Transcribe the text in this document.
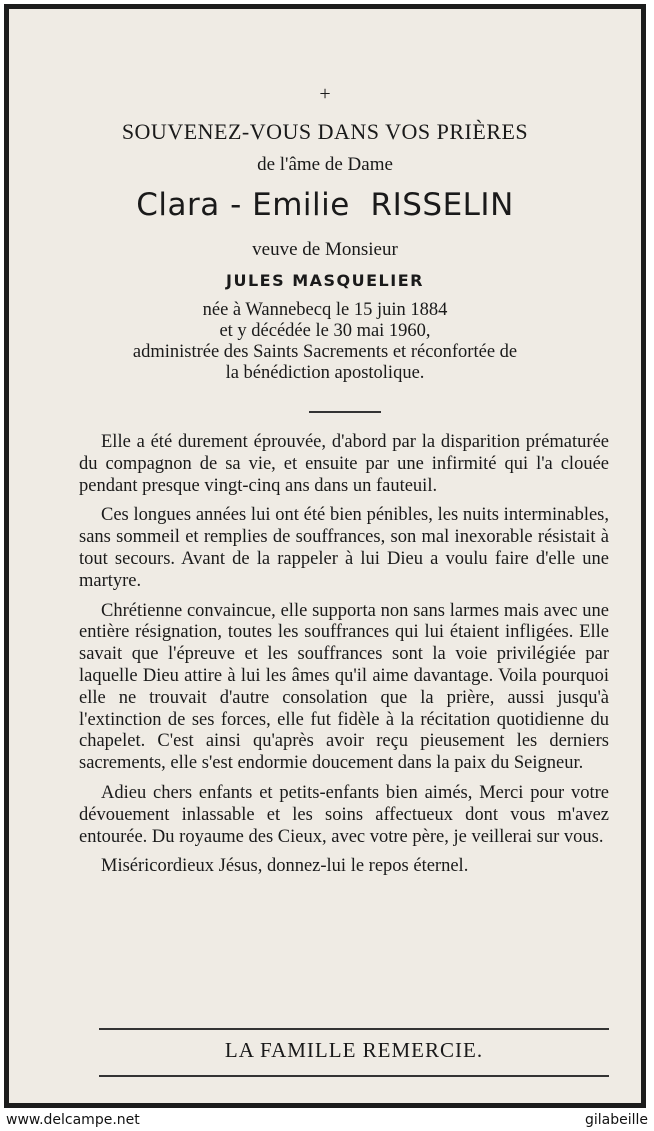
+
SOUVENEZ-VOUS DANS VOS PRIÈRES
de l'âme de Dame
Clara - Emilie  RISSELIN
veuve de Monsieur
JULES MASQUELIER
née à Wannebecq le 15 juin 1884
et y décédée le 30 mai 1960,
administrée des Saints Sacrements et réconfortée de
la bénédiction apostolique.

Elle a été durement éprouvée, d'abord par la disparition prématurée du compagnon de sa vie, et ensuite par une infirmité qui l'a clouée pendant presque vingt-cinq ans dans un fauteuil.

Ces longues années lui ont été bien pénibles, les nuits interminables, sans sommeil et remplies de souffrances, son mal inexorable résistait à tout secours. Avant de la rappeler à lui Dieu a voulu faire d'elle une martyre.

Chrétienne convaincue, elle supporta non sans larmes mais avec une entière résignation, toutes les souffrances qui lui étaient infligées. Elle savait que l'épreuve et les souffrances sont la voie privilégiée par laquelle Dieu attire à lui les âmes qu'il aime davantage. Voila pourquoi elle ne trouvait d'autre consolation que la prière, aussi jusqu'à l'extinction de ses forces, elle fut fidèle à la récitation quotidienne du chapelet. C'est ainsi qu'après avoir reçu pieusement les derniers sacrements, elle s'est endormie doucement dans la paix du Seigneur.

Adieu chers enfants et petits-enfants bien aimés, Merci pour votre dévouement inlassable et les soins affectueux dont vous m'avez entourée. Du royaume des Cieux, avec votre père, je veillerai sur vous.

Miséricordieux Jésus, donnez-lui le repos éternel.

LA FAMILLE REMERCIE.
www.delcampe.net	gilabeille
